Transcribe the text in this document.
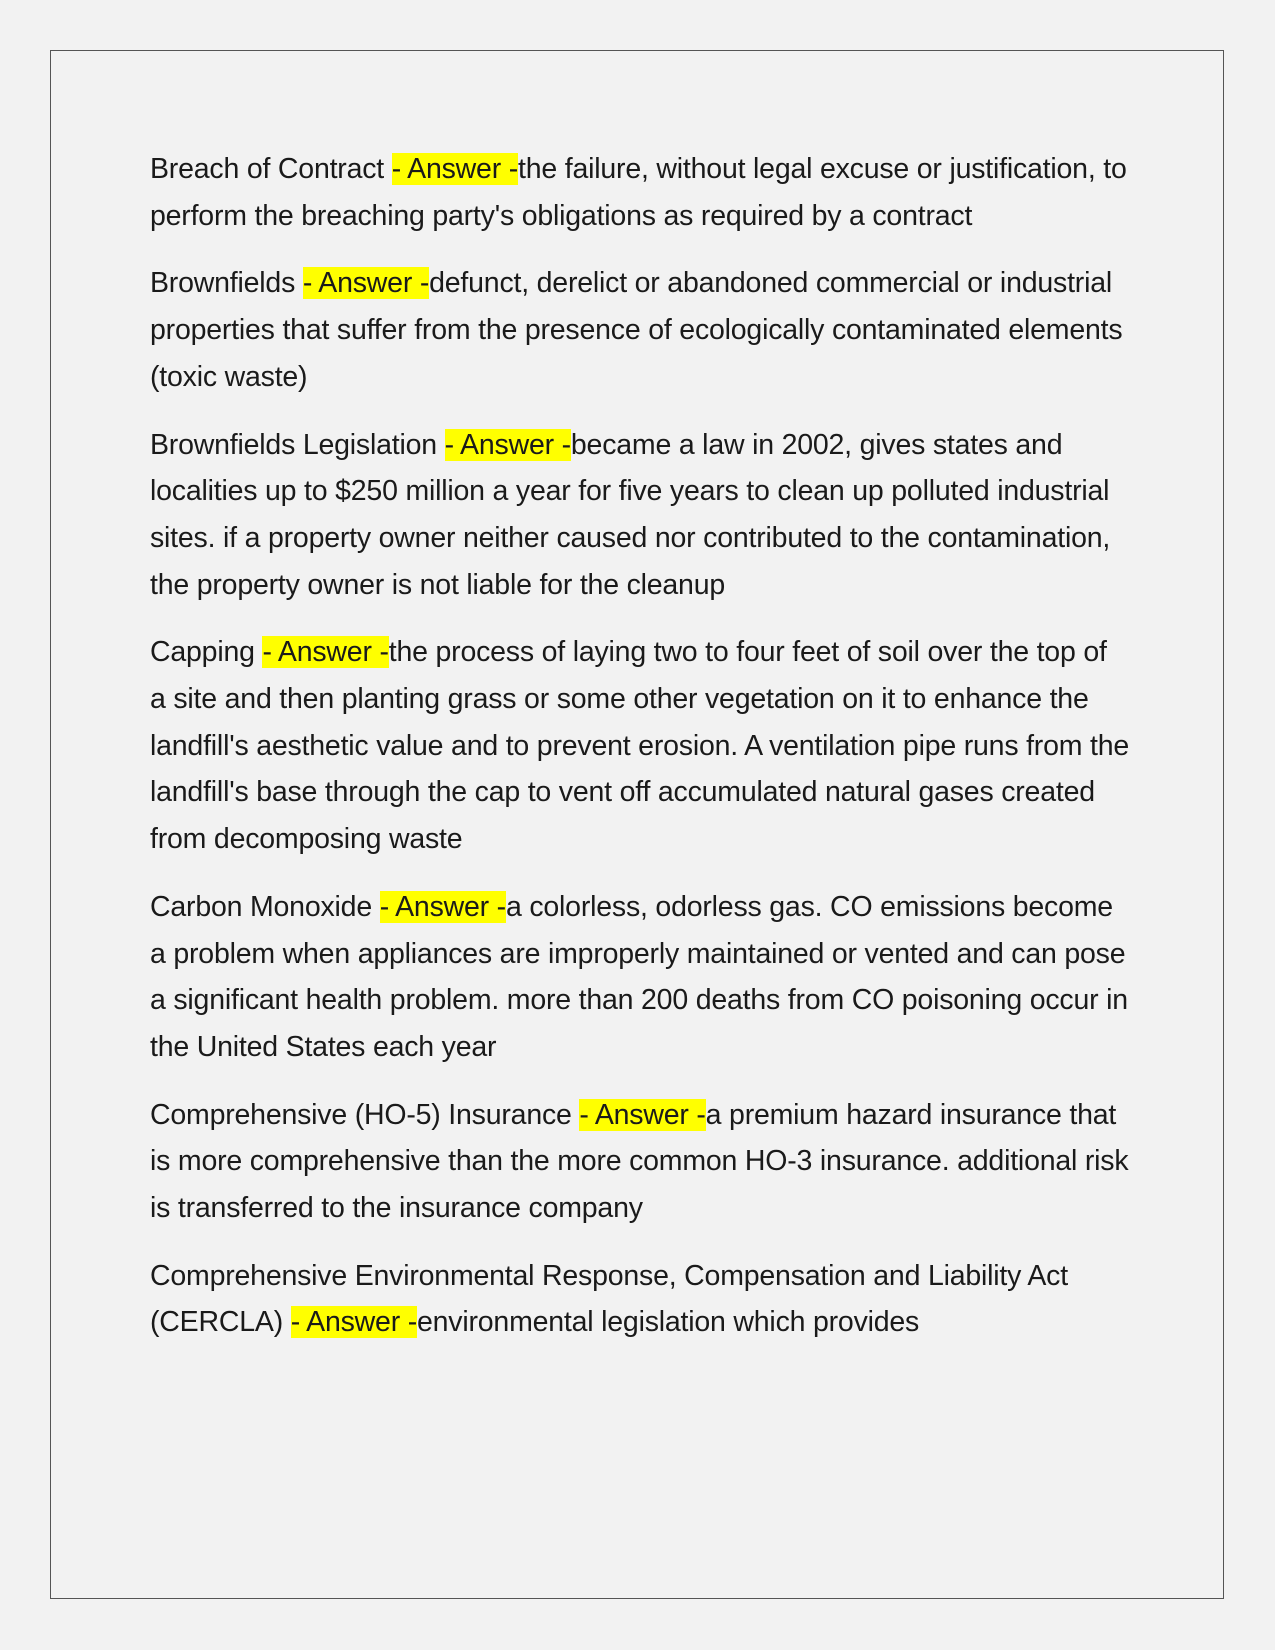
Breach of Contract - Answer -the failure, without legal excuse or justification, to perform the breaching party's obligations as required by a contract

Brownfields - Answer -defunct, derelict or abandoned commercial or industrial properties that suffer from the presence of ecologically contaminated elements (toxic waste)

Brownfields Legislation - Answer -became a law in 2002, gives states and localities up to $250 million a year for five years to clean up polluted industrial sites. if a property owner neither caused nor contributed to the contamination, the property owner is not liable for the cleanup

Capping - Answer -the process of laying two to four feet of soil over the top of a site and then planting grass or some other vegetation on it to enhance the landfill's aesthetic value and to prevent erosion. A ventilation pipe runs from the landfill's base through the cap to vent off accumulated natural gases created from decomposing waste

Carbon Monoxide - Answer -a colorless, odorless gas. CO emissions become a problem when appliances are improperly maintained or vented and can pose a significant health problem. more than 200 deaths from CO poisoning occur in the United States each year

Comprehensive (HO-5) Insurance - Answer -a premium hazard insurance that is more comprehensive than the more common HO-3 insurance. additional risk is transferred to the insurance company

Comprehensive Environmental Response, Compensation and Liability Act (CERCLA) - Answer -environmental legislation which provides
